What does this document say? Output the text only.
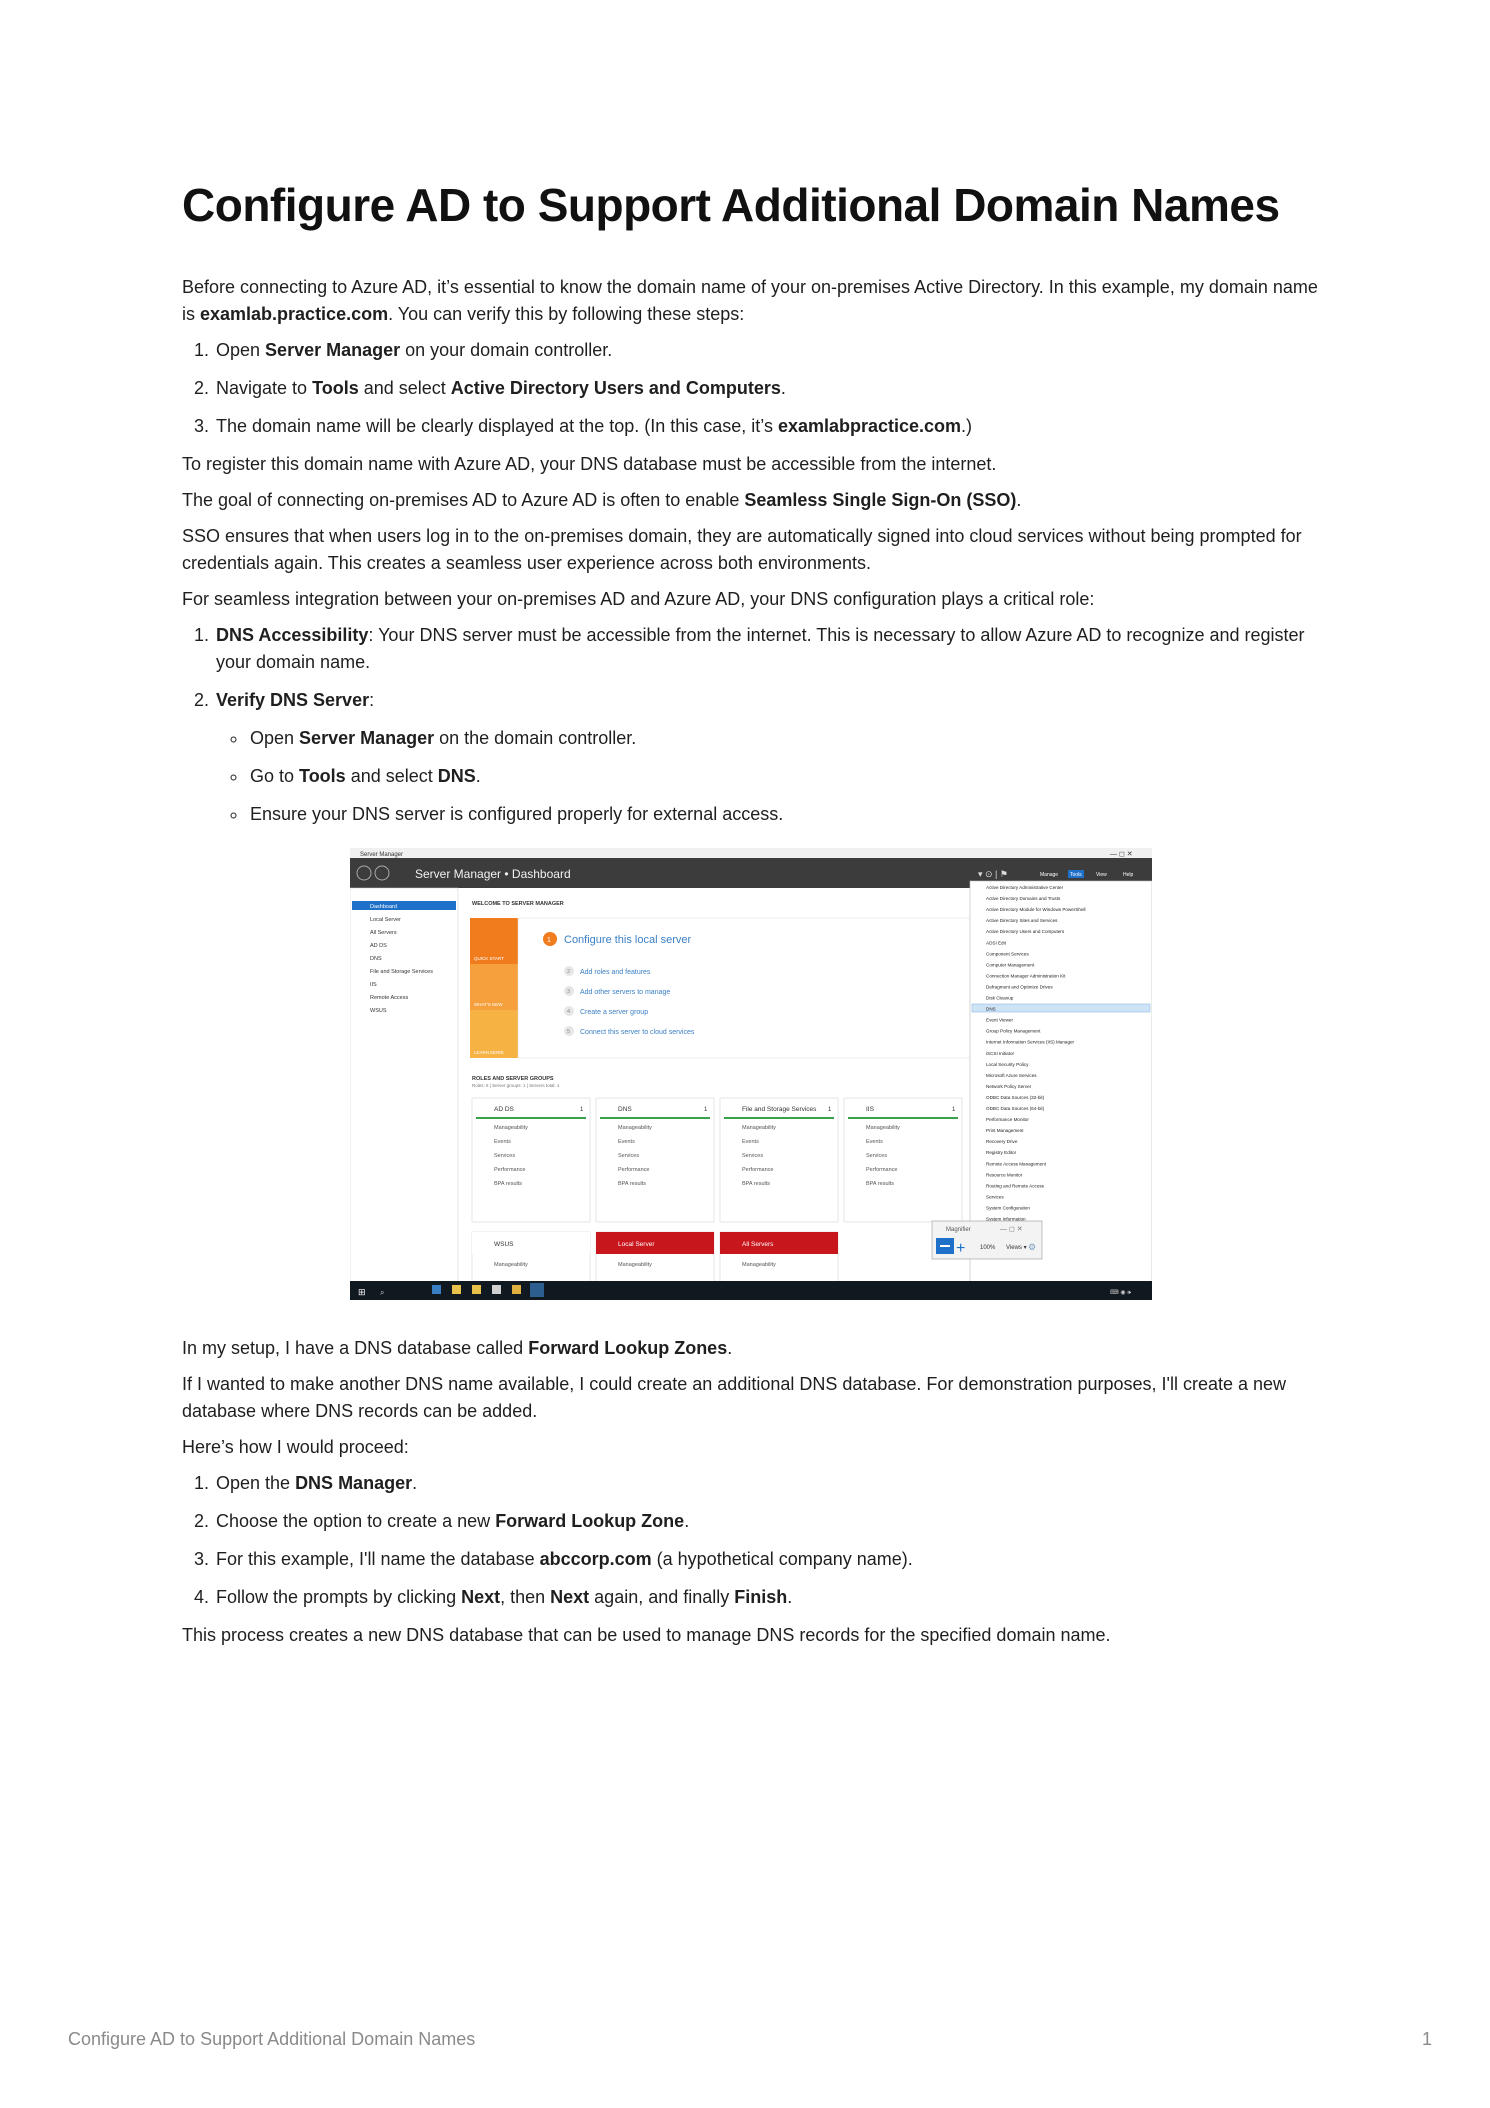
Configure AD to Support Additional Domain Names

Before connecting to Azure AD, it’s essential to know the domain name of your on-premises Active Directory. In this example, my domain name is examlab.practice.com. You can verify this by following these steps:

1. Open Server Manager on your domain controller.
2. Navigate to Tools and select Active Directory Users and Computers.
3. The domain name will be clearly displayed at the top. (In this case, it’s examlabpractice.com.)

To register this domain name with Azure AD, your DNS database must be accessible from the internet.

The goal of connecting on-premises AD to Azure AD is often to enable Seamless Single Sign-On (SSO).

SSO ensures that when users log in to the on-premises domain, they are automatically signed into cloud services without being prompted for credentials again. This creates a seamless user experience across both environments.

For seamless integration between your on-premises AD and Azure AD, your DNS configuration plays a critical role:

1. DNS Accessibility: Your DNS server must be accessible from the internet. This is necessary to allow Azure AD to recognize and register your domain name.
2. Verify DNS Server:
◦ Open Server Manager on the domain controller.
◦ Go to Tools and select DNS.
◦ Ensure your DNS server is configured properly for external access.
Server Manager	— ◻ ✕
Server Manager • Dashboard	▾ ⊙ | ⚑	Manage Tools	View	Help
Dashboard
Local Server
All Servers
AD DS
DNS
File and Storage Services
IIS
Remote Access
WSUS
WELCOME TO SERVER MANAGER
QUICK START
WHAT'S NEW
LEARN MORE
1 Configure this local server
2 Add roles and features
3 Add other servers to manage
4 Create a server group
5 Connect this server to cloud services
ROLES AND SERVER GROUPS
Roles: 6 | Server groups: 1 | Servers total: 1
AD DS	1
Manageability
Events
Services
Performance
BPA results
DNS	1
Manageability
Events
Services
Performance
BPA results
File and Storage Services 1
Manageability
Events
Services
Performance
BPA results
IIS	1
Manageability
Events
Services
Performance
BPA results
WSUS
Manageability
Local Server
Manageability
All Servers
Manageability
Active Directory Administrative Center
Active Directory Domains and Trusts
Active Directory Module for Windows PowerShell
Active Directory Sites and Services
Active Directory Users and Computers
ADSI Edit
Component Services
Computer Management
Connection Manager Administration Kit
Defragment and Optimize Drives
Disk Cleanup
DNS
Event Viewer
Group Policy Management
Internet Information Services (IIS) Manager
iSCSI Initiator
Local Security Policy
Microsoft Azure Services
Network Policy Server
ODBC Data Sources (32-bit)
ODBC Data Sources (64-bit)
Performance Monitor
Print Management
Recovery Drive
Registry Editor
Remote Access Management
Resource Monitor
Routing and Remote Access
Services
System Configuration
System Information
Magnifier	— ◻ ✕
+ 100% Views ▾ ⚙
⊞ ⌕	⌨ ◉ 🕪

In my setup, I have a DNS database called Forward Lookup Zones.

If I wanted to make another DNS name available, I could create an additional DNS database. For demonstration purposes, I'll create a new database where DNS records can be added.

Here’s how I would proceed:

1. Open the DNS Manager.
2. Choose the option to create a new Forward Lookup Zone.
3. For this example, I'll name the database abccorp.com (a hypothetical company name).
4. Follow the prompts by clicking Next, then Next again, and finally Finish.

This process creates a new DNS database that can be used to manage DNS records for the specified domain name.

Configure AD to Support Additional Domain Names	1
